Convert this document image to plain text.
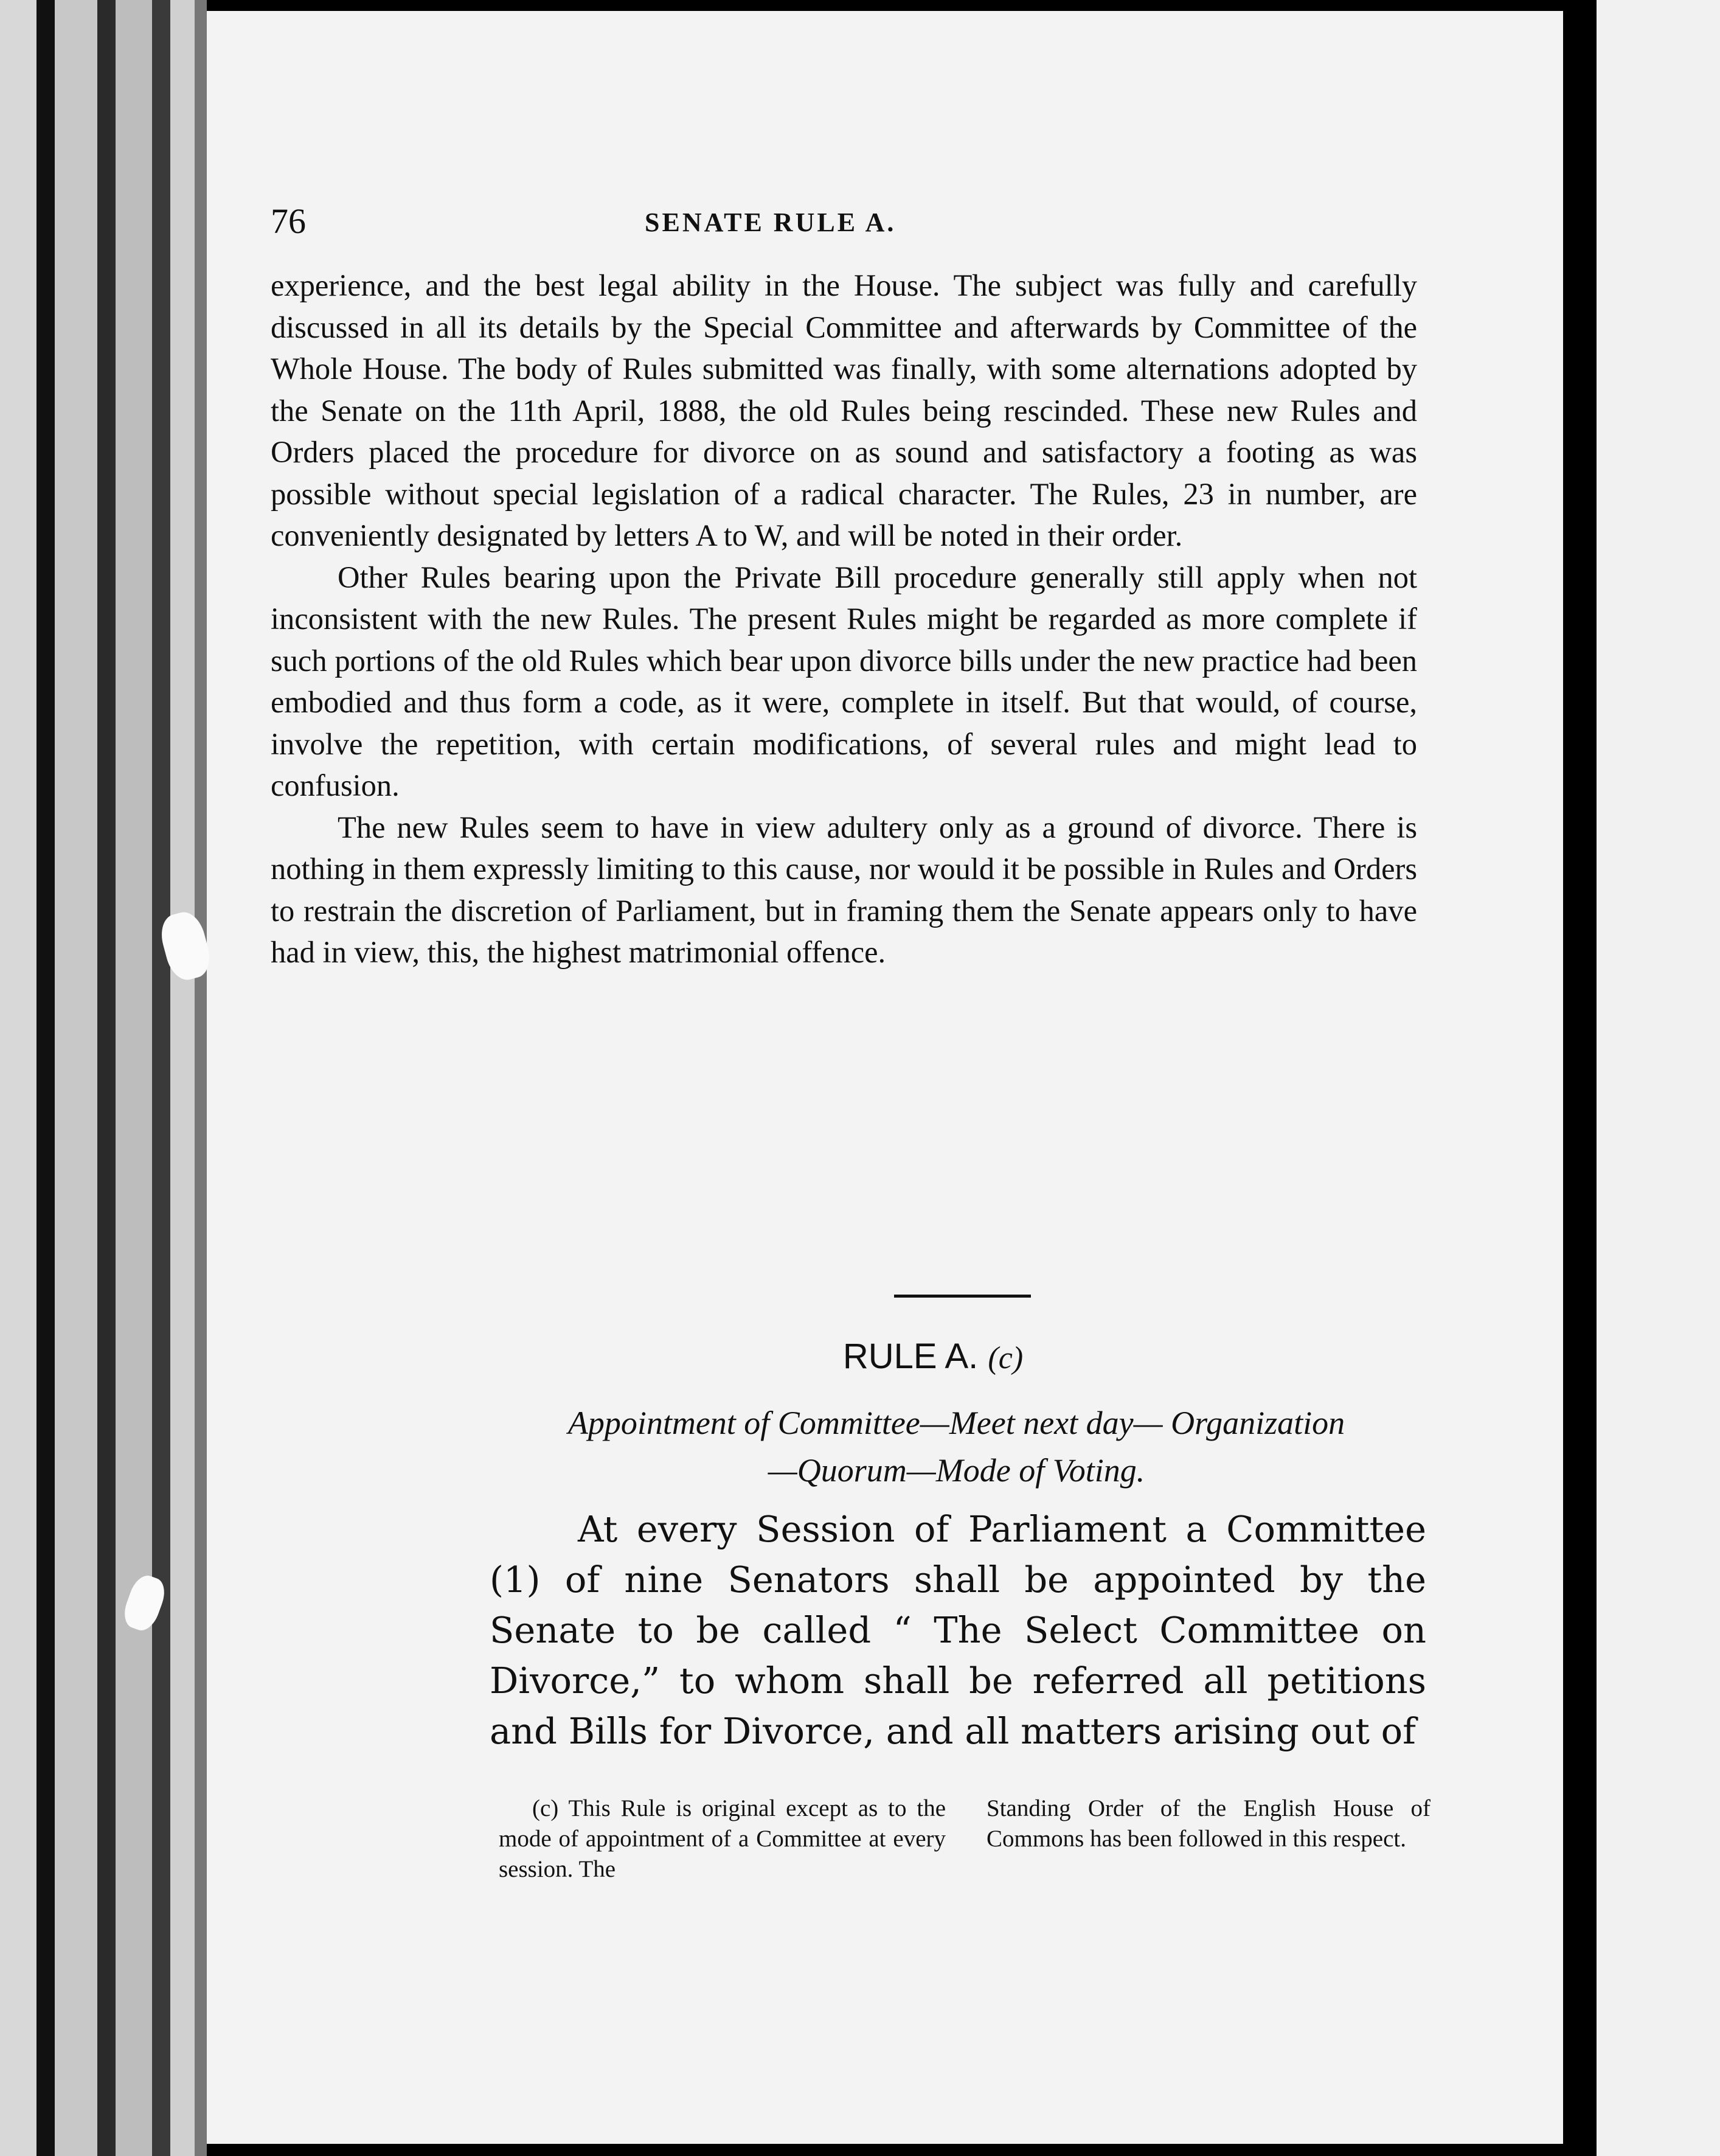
76	SENATE RULE A.

experience, and the best legal ability in the House. The subject was fully and carefully discussed in all its details by the Special Committee and afterwards by Committee of the Whole House. The body of Rules submitted was finally, with some alternations adopted by the Senate on the 11th April, 1888, the old Rules being rescinded. These new Rules and Orders placed the procedure for divorce on as sound and satisfactory a footing as was possible without special legislation of a radical character. The Rules, 23 in number, are conveniently designated by letters A to W, and will be noted in their order.

Other Rules bearing upon the Private Bill procedure generally still apply when not inconsistent with the new Rules. The present Rules might be regarded as more complete if such portions of the old Rules which bear upon divorce bills under the new practice had been embodied and thus form a code, as it were, complete in itself. But that would, of course, involve the repetition, with certain modifications, of several rules and might lead to confusion.

The new Rules seem to have in view adultery only as a ground of divorce. There is nothing in them expressly limiting to this cause, nor would it be possible in Rules and Orders to restrain the discretion of Parliament, but in framing them the Senate appears only to have had in view, this, the highest matrimonial offence.

RULE A. (c)
Appointment of Committee—Meet next day— Organization
—Quorum—Mode of Voting.

At every Session of Parliament a Committee (1) of nine Senators shall be appointed by the Senate to be called “ The Select Committee on Divorce,” to whom shall be referred all petitions and Bills for Divorce, and all matters arising out of

(c) This Rule is original except as to the mode of appointment of a Committee at every session. The

Standing Order of the English House of Commons has been followed in this respect.
